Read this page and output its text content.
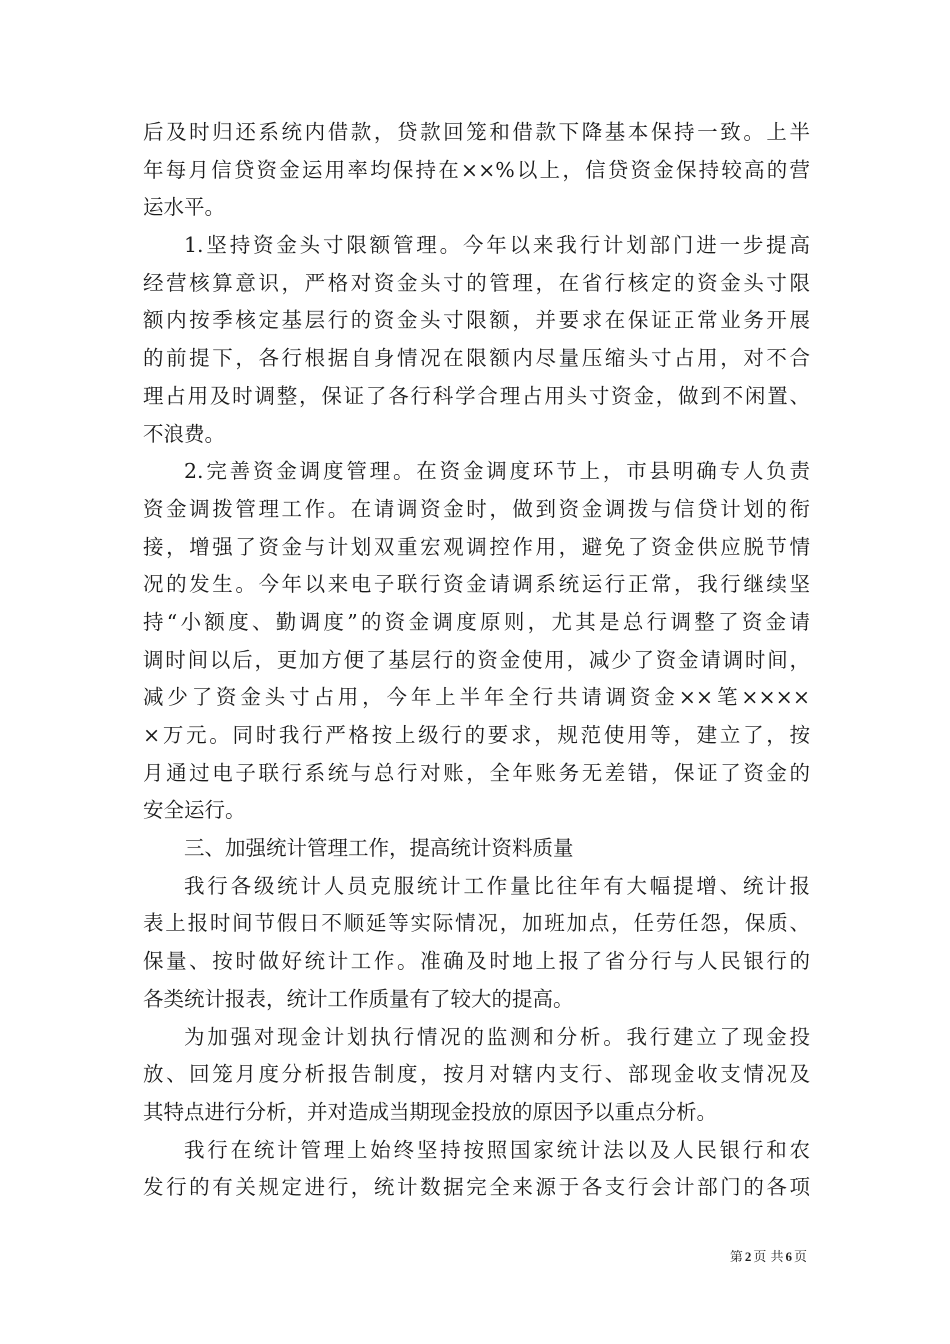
后及时归还系统内借款，贷款回笼和借款下降基本保持一致。上半
年每月信贷资金运用率均保持在××%以上，信贷资金保持较高的营
运水平。
1.坚持资金头寸限额管理。今年以来我行计划部门进一步提高
经营核算意识，严格对资金头寸的管理，在省行核定的资金头寸限
额内按季核定基层行的资金头寸限额，并要求在保证正常业务开展
的前提下，各行根据自身情况在限额内尽量压缩头寸占用，对不合
理占用及时调整，保证了各行科学合理占用头寸资金，做到不闲置、
不浪费。
2.完善资金调度管理。在资金调度环节上，市县明确专人负责
资金调拨管理工作。在请调资金时，做到资金调拨与信贷计划的衔
接，增强了资金与计划双重宏观调控作用，避免了资金供应脱节情
况的发生。今年以来电子联行资金请调系统运行正常，我行继续坚
持“小额度、勤调度”的资金调度原则，尤其是总行调整了资金请
调时间以后，更加方便了基层行的资金使用，减少了资金请调时间，
减少了资金头寸占用，今年上半年全行共请调资金××笔××××
×万元。同时我行严格按上级行的要求，规范使用等，建立了，按
月通过电子联行系统与总行对账，全年账务无差错，保证了资金的
安全运行。
三、加强统计管理工作，提高统计资料质量
我行各级统计人员克服统计工作量比往年有大幅提增、统计报
表上报时间节假日不顺延等实际情况，加班加点，任劳任怨，保质、
保量、按时做好统计工作。准确及时地上报了省分行与人民银行的
各类统计报表，统计工作质量有了较大的提高。
为加强对现金计划执行情况的监测和分析。我行建立了现金投
放、回笼月度分析报告制度，按月对辖内支行、部现金收支情况及
其特点进行分析，并对造成当期现金投放的原因予以重点分析。
我行在统计管理上始终坚持按照国家统计法以及人民银行和农
发行的有关规定进行，统计数据完全来源于各支行会计部门的各项
第 2 页 共 6 页
